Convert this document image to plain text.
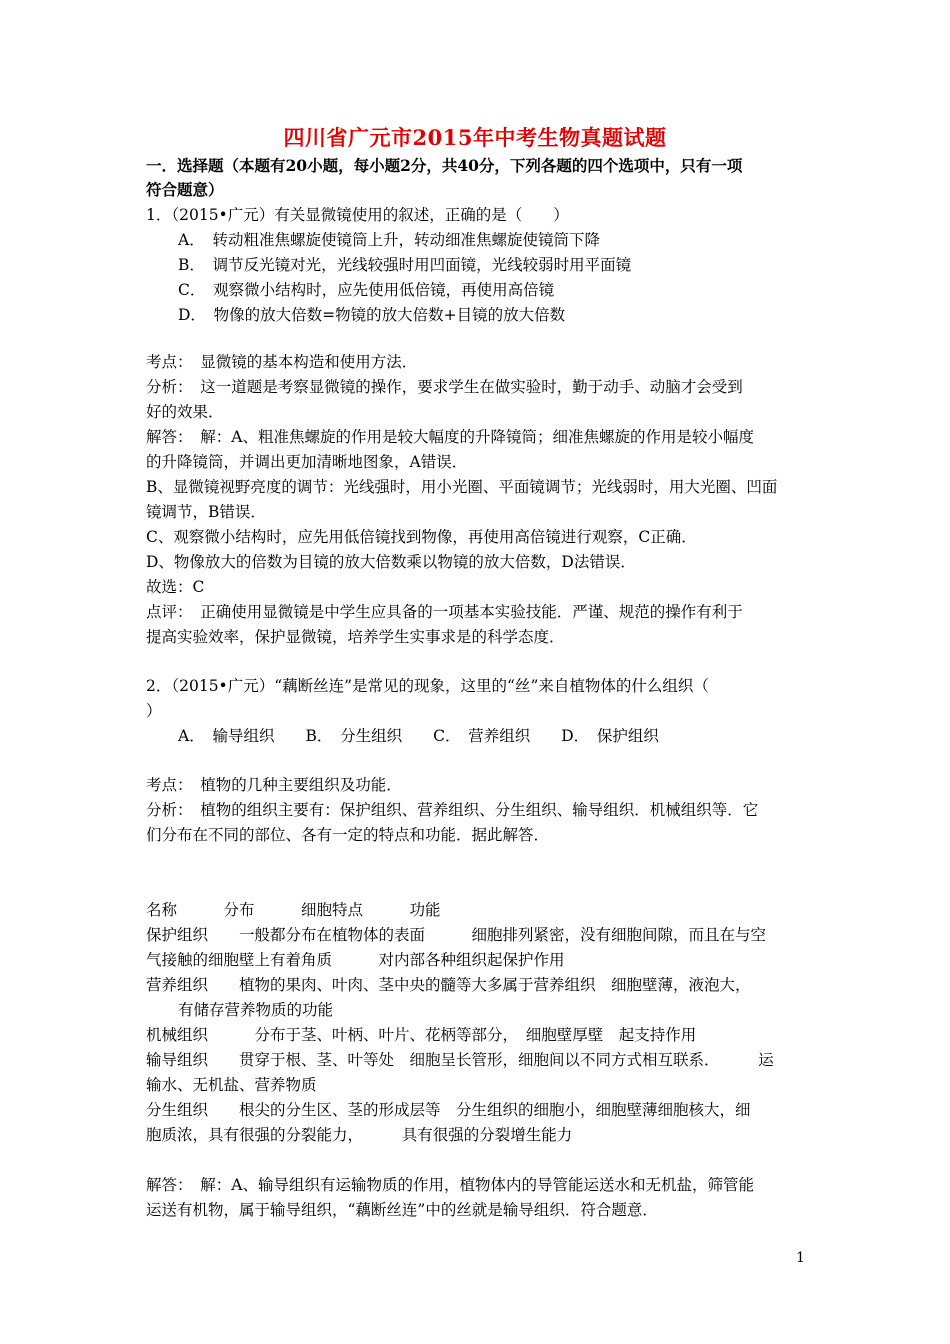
四川省广元市2015年中考生物真题试题
一．选择题（本题有20小题，每小题2分，共40分，下列各题的四个选项中，只有一项
符合题意）
1．（2015•广元）有关显微镜使用的叙述，正确的是（　　）
A．　转动粗准焦螺旋使镜筒上升，转动细准焦螺旋使镜筒下降
B．　调节反光镜对光，光线较强时用凹面镜，光线较弱时用平面镜
C．　观察微小结构时，应先使用低倍镜，再使用高倍镜
D．　物像的放大倍数=物镜的放大倍数+目镜的放大倍数
考点：　显微镜的基本构造和使用方法．
分析：　这一道题是考察显微镜的操作，要求学生在做实验时，勤于动手、动脑才会受到
好的效果．
解答：　解：A、粗准焦螺旋的作用是较大幅度的升降镜筒；细准焦螺旋的作用是较小幅度
的升降镜筒，并调出更加清晰地图象，A错误．
B、显微镜视野亮度的调节：光线强时，用小光圈、平面镜调节；光线弱时，用大光圈、凹面
镜调节，B错误．
C、观察微小结构时，应先用低倍镜找到物像，再使用高倍镜进行观察，C正确．
D、物像放大的倍数为目镜的放大倍数乘以物镜的放大倍数，D法错误．
故选：C
点评：　正确使用显微镜是中学生应具备的一项基本实验技能．严谨、规范的操作有利于
提高实验效率，保护显微镜，培养学生实事求是的科学态度．
2．（2015•广元）“藕断丝连”是常见的现象，这里的“丝”来自植物体的什么组织（
）
A．　输导组织　　B．　分生组织　　C．　营养组织　　D．　保护组织
考点：　植物的几种主要组织及功能．
分析：　植物的组织主要有：保护组织、营养组织、分生组织、输导组织．机械组织等．它
们分布在不同的部位、各有一定的特点和功能．据此解答．
名称　　　分布　　　细胞特点　　　功能
保护组织　　一般都分布在植物体的表面　　　细胞排列紧密，没有细胞间隙，而且在与空
气接触的细胞壁上有着角质　　　对内部各种组织起保护作用
营养组织　　植物的果肉、叶肉、茎中央的髓等大多属于营养组织　细胞壁薄，液泡大，
有储存营养物质的功能
机械组织　　　分布于茎、叶柄、叶片、花柄等部分，　细胞壁厚壁　起支持作用
输导组织　　贯穿于根、茎、叶等处　细胞呈长管形，细胞间以不同方式相互联系．　　　运
输水、无机盐、营养物质
分生组织　　根尖的分生区、茎的形成层等　分生组织的细胞小，细胞壁薄细胞核大，细
胞质浓，具有很强的分裂能力，　　　具有很强的分裂增生能力
解答：　解：A、输导组织有运输物质的作用，植物体内的导管能运送水和无机盐，筛管能
运送有机物，属于输导组织，“藕断丝连”中的丝就是输导组织．符合题意．
1
